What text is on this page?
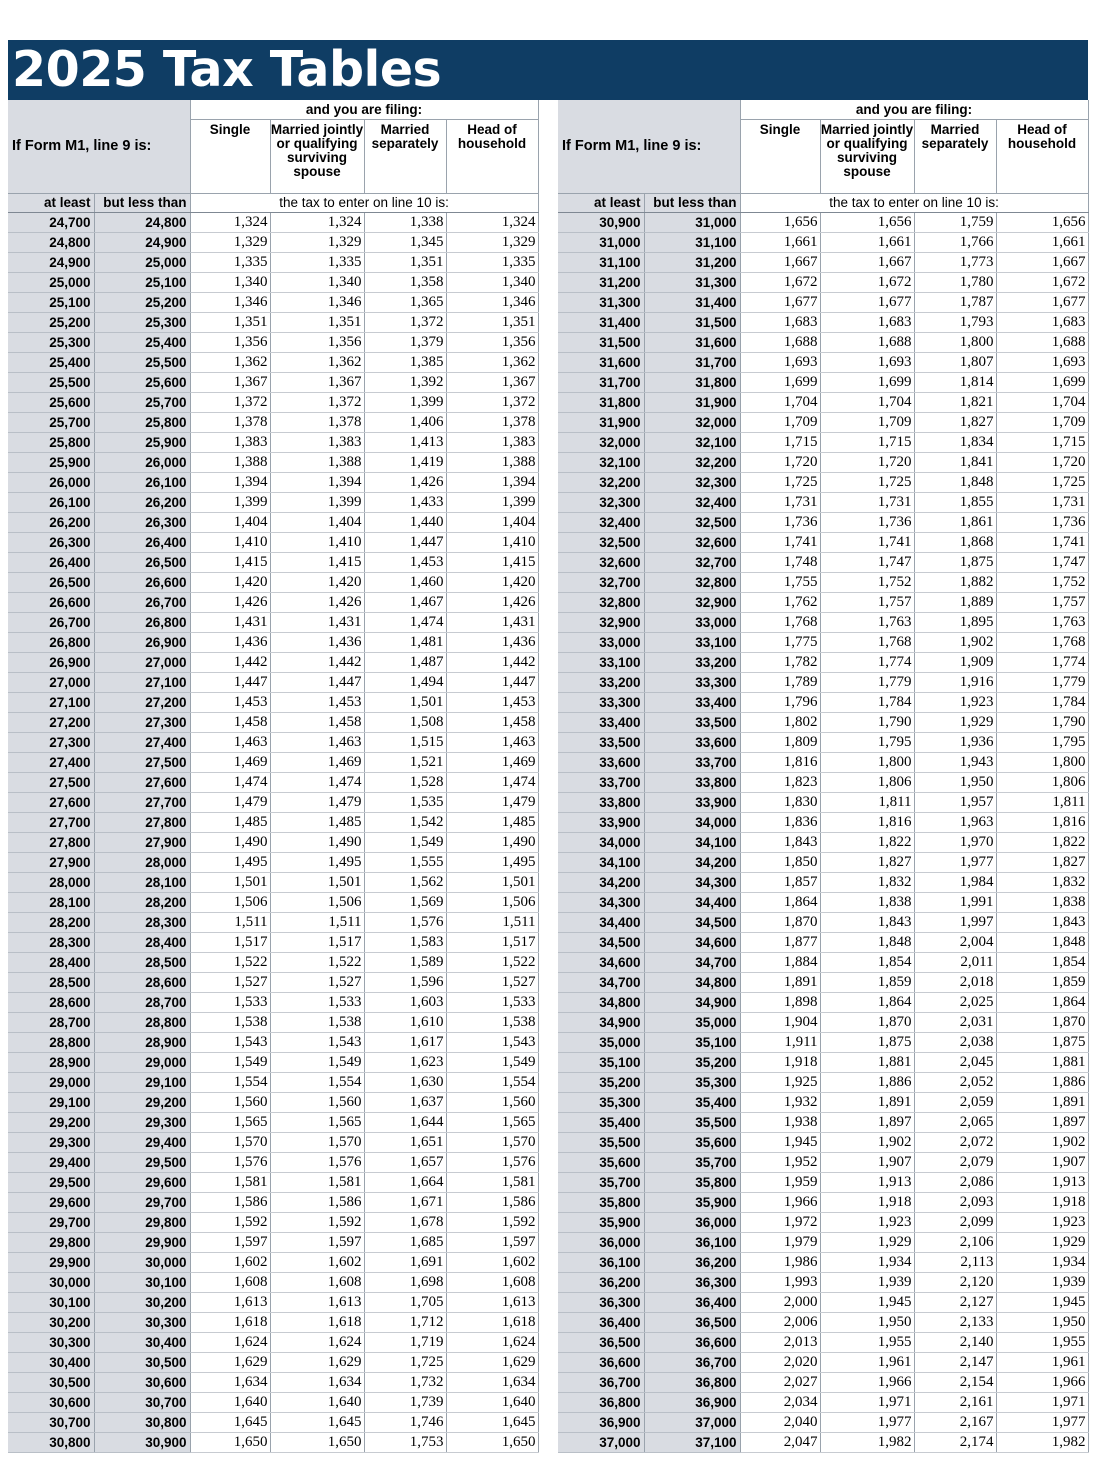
2025 Tax Tables
If Form M1, line 9 is:		and you are filing:			
		Single	Married jointly or qualifying surviving spouse	Married separately	Head of household
at least	but less than	the tax to enter on line 10 is:			
24,700	24,800	1,324	1,324	1,338	1,324
24,800	24,900	1,329	1,329	1,345	1,329
24,900	25,000	1,335	1,335	1,351	1,335
25,000	25,100	1,340	1,340	1,358	1,340
25,100	25,200	1,346	1,346	1,365	1,346
25,200	25,300	1,351	1,351	1,372	1,351
25,300	25,400	1,356	1,356	1,379	1,356
25,400	25,500	1,362	1,362	1,385	1,362
25,500	25,600	1,367	1,367	1,392	1,367
25,600	25,700	1,372	1,372	1,399	1,372
25,700	25,800	1,378	1,378	1,406	1,378
25,800	25,900	1,383	1,383	1,413	1,383
25,900	26,000	1,388	1,388	1,419	1,388
26,000	26,100	1,394	1,394	1,426	1,394
26,100	26,200	1,399	1,399	1,433	1,399
26,200	26,300	1,404	1,404	1,440	1,404
26,300	26,400	1,410	1,410	1,447	1,410
26,400	26,500	1,415	1,415	1,453	1,415
26,500	26,600	1,420	1,420	1,460	1,420
26,600	26,700	1,426	1,426	1,467	1,426
26,700	26,800	1,431	1,431	1,474	1,431
26,800	26,900	1,436	1,436	1,481	1,436
26,900	27,000	1,442	1,442	1,487	1,442
27,000	27,100	1,447	1,447	1,494	1,447
27,100	27,200	1,453	1,453	1,501	1,453
27,200	27,300	1,458	1,458	1,508	1,458
27,300	27,400	1,463	1,463	1,515	1,463
27,400	27,500	1,469	1,469	1,521	1,469
27,500	27,600	1,474	1,474	1,528	1,474
27,600	27,700	1,479	1,479	1,535	1,479
27,700	27,800	1,485	1,485	1,542	1,485
27,800	27,900	1,490	1,490	1,549	1,490
27,900	28,000	1,495	1,495	1,555	1,495
28,000	28,100	1,501	1,501	1,562	1,501
28,100	28,200	1,506	1,506	1,569	1,506
28,200	28,300	1,511	1,511	1,576	1,511
28,300	28,400	1,517	1,517	1,583	1,517
28,400	28,500	1,522	1,522	1,589	1,522
28,500	28,600	1,527	1,527	1,596	1,527
28,600	28,700	1,533	1,533	1,603	1,533
28,700	28,800	1,538	1,538	1,610	1,538
28,800	28,900	1,543	1,543	1,617	1,543
28,900	29,000	1,549	1,549	1,623	1,549
29,000	29,100	1,554	1,554	1,630	1,554
29,100	29,200	1,560	1,560	1,637	1,560
29,200	29,300	1,565	1,565	1,644	1,565
29,300	29,400	1,570	1,570	1,651	1,570
29,400	29,500	1,576	1,576	1,657	1,576
29,500	29,600	1,581	1,581	1,664	1,581
29,600	29,700	1,586	1,586	1,671	1,586
29,700	29,800	1,592	1,592	1,678	1,592
29,800	29,900	1,597	1,597	1,685	1,597
29,900	30,000	1,602	1,602	1,691	1,602
30,000	30,100	1,608	1,608	1,698	1,608
30,100	30,200	1,613	1,613	1,705	1,613
30,200	30,300	1,618	1,618	1,712	1,618
30,300	30,400	1,624	1,624	1,719	1,624
30,400	30,500	1,629	1,629	1,725	1,629
30,500	30,600	1,634	1,634	1,732	1,634
30,600	30,700	1,640	1,640	1,739	1,640
30,700	30,800	1,645	1,645	1,746	1,645
30,800	30,900	1,650	1,650	1,753	1,650
If Form M1, line 9 is:		and you are filing:			
		Single	Married jointly or qualifying surviving spouse	Married separately	Head of household
at least	but less than	the tax to enter on line 10 is:			
30,900	31,000	1,656	1,656	1,759	1,656
31,000	31,100	1,661	1,661	1,766	1,661
31,100	31,200	1,667	1,667	1,773	1,667
31,200	31,300	1,672	1,672	1,780	1,672
31,300	31,400	1,677	1,677	1,787	1,677
31,400	31,500	1,683	1,683	1,793	1,683
31,500	31,600	1,688	1,688	1,800	1,688
31,600	31,700	1,693	1,693	1,807	1,693
31,700	31,800	1,699	1,699	1,814	1,699
31,800	31,900	1,704	1,704	1,821	1,704
31,900	32,000	1,709	1,709	1,827	1,709
32,000	32,100	1,715	1,715	1,834	1,715
32,100	32,200	1,720	1,720	1,841	1,720
32,200	32,300	1,725	1,725	1,848	1,725
32,300	32,400	1,731	1,731	1,855	1,731
32,400	32,500	1,736	1,736	1,861	1,736
32,500	32,600	1,741	1,741	1,868	1,741
32,600	32,700	1,748	1,747	1,875	1,747
32,700	32,800	1,755	1,752	1,882	1,752
32,800	32,900	1,762	1,757	1,889	1,757
32,900	33,000	1,768	1,763	1,895	1,763
33,000	33,100	1,775	1,768	1,902	1,768
33,100	33,200	1,782	1,774	1,909	1,774
33,200	33,300	1,789	1,779	1,916	1,779
33,300	33,400	1,796	1,784	1,923	1,784
33,400	33,500	1,802	1,790	1,929	1,790
33,500	33,600	1,809	1,795	1,936	1,795
33,600	33,700	1,816	1,800	1,943	1,800
33,700	33,800	1,823	1,806	1,950	1,806
33,800	33,900	1,830	1,811	1,957	1,811
33,900	34,000	1,836	1,816	1,963	1,816
34,000	34,100	1,843	1,822	1,970	1,822
34,100	34,200	1,850	1,827	1,977	1,827
34,200	34,300	1,857	1,832	1,984	1,832
34,300	34,400	1,864	1,838	1,991	1,838
34,400	34,500	1,870	1,843	1,997	1,843
34,500	34,600	1,877	1,848	2,004	1,848
34,600	34,700	1,884	1,854	2,011	1,854
34,700	34,800	1,891	1,859	2,018	1,859
34,800	34,900	1,898	1,864	2,025	1,864
34,900	35,000	1,904	1,870	2,031	1,870
35,000	35,100	1,911	1,875	2,038	1,875
35,100	35,200	1,918	1,881	2,045	1,881
35,200	35,300	1,925	1,886	2,052	1,886
35,300	35,400	1,932	1,891	2,059	1,891
35,400	35,500	1,938	1,897	2,065	1,897
35,500	35,600	1,945	1,902	2,072	1,902
35,600	35,700	1,952	1,907	2,079	1,907
35,700	35,800	1,959	1,913	2,086	1,913
35,800	35,900	1,966	1,918	2,093	1,918
35,900	36,000	1,972	1,923	2,099	1,923
36,000	36,100	1,979	1,929	2,106	1,929
36,100	36,200	1,986	1,934	2,113	1,934
36,200	36,300	1,993	1,939	2,120	1,939
36,300	36,400	2,000	1,945	2,127	1,945
36,400	36,500	2,006	1,950	2,133	1,950
36,500	36,600	2,013	1,955	2,140	1,955
36,600	36,700	2,020	1,961	2,147	1,961
36,700	36,800	2,027	1,966	2,154	1,966
36,800	36,900	2,034	1,971	2,161	1,971
36,900	37,000	2,040	1,977	2,167	1,977
37,000	37,100	2,047	1,982	2,174	1,982
